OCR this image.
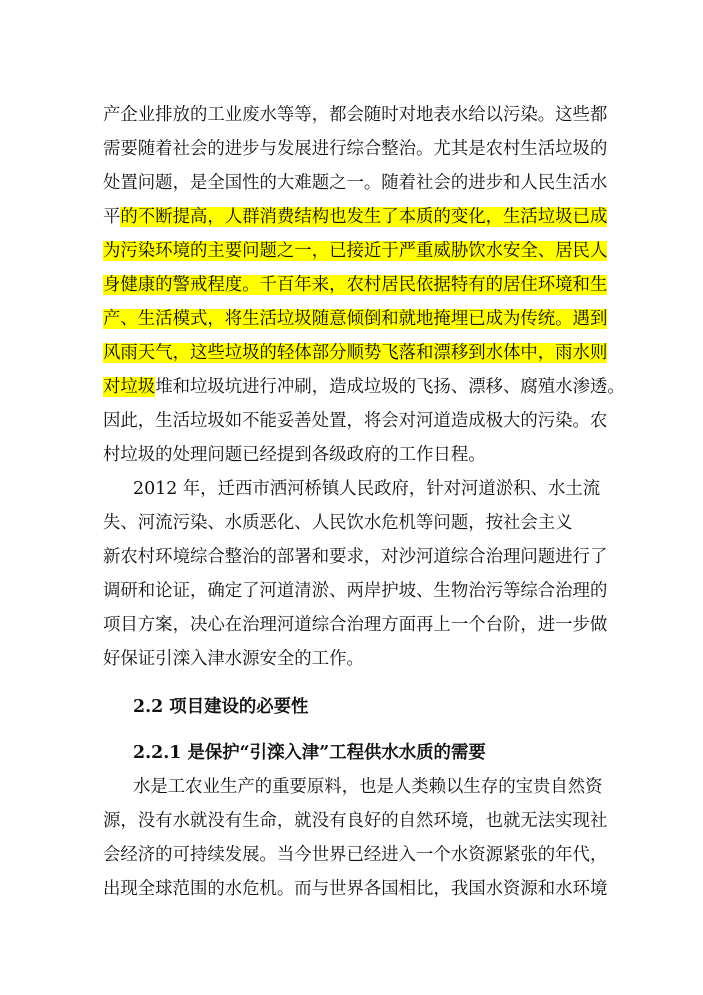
产企业排放的工业废水等等，都会随时对地表水给以污染。这些都
需要随着社会的进步与发展进行综合整治。尤其是农村生活垃圾的
处置问题，是全国性的大难题之一。随着社会的进步和人民生活水
平的不断提高，人群消费结构也发生了本质的变化，生活垃圾已成
为污染环境的主要问题之一，已接近于严重威胁饮水安全、居民人
身健康的警戒程度。千百年来，农村居民依据特有的居住环境和生
产、生活模式，将生活垃圾随意倾倒和就地掩埋已成为传统。遇到
风雨天气，这些垃圾的轻体部分顺势飞落和漂移到水体中，雨水则
对垃圾堆和垃圾坑进行冲刷，造成垃圾的飞扬、漂移、腐殖水渗透。
因此，生活垃圾如不能妥善处置，将会对河道造成极大的污染。农
村垃圾的处理问题已经提到各级政府的工作日程。
2012 年，迁西市洒河桥镇人民政府，针对河道淤积、水土流
失、河流污染、水质恶化、人民饮水危机等问题，按社会主义
新农村环境综合整治的部署和要求，对沙河道综合治理问题进行了
调研和论证，确定了河道清淤、两岸护坡、生物治污等综合治理的
项目方案，决心在治理河道综合治理方面再上一个台阶，进一步做
好保证引滦入津水源安全的工作。
2.2 项目建设的必要性
2.2.1 是保护“引滦入津”工程供水水质的需要
水是工农业生产的重要原料，也是人类赖以生存的宝贵自然资
源，没有水就没有生命，就没有良好的自然环境，也就无法实现社
会经济的可持续发展。当今世界已经进入一个水资源紧张的年代，
出现全球范围的水危机。而与世界各国相比，我国水资源和水环境
